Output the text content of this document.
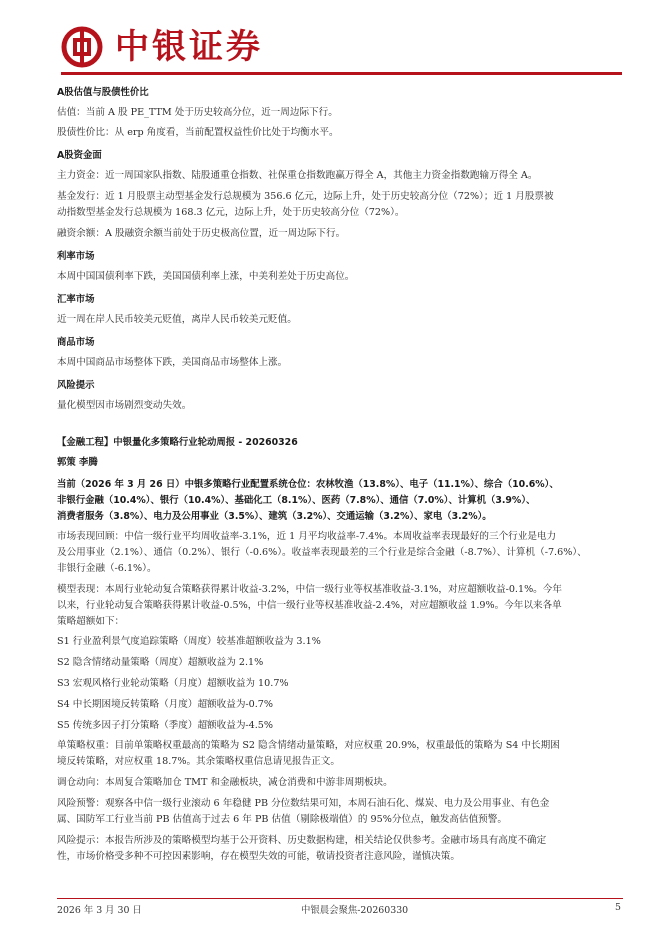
中银证券
A股估值与股债性价比
估值：当前 A 股 PE_TTM 处于历史较高分位，近一周边际下行。
股债性价比：从 erp 角度看，当前配置权益性价比处于均衡水平。
A股资金面
主力资金：近一周国家队指数、陆股通重仓指数、社保重仓指数跑赢万得全 A，其他主力资金指数跑输万得全 A。
基金发行：近 1 月股票主动型基金发行总规模为 356.6 亿元，边际上升，处于历史较高分位（72%）；近 1 月股票被
动指数型基金发行总规模为 168.3 亿元，边际上升，处于历史较高分位（72%）。
融资余额：A 股融资余额当前处于历史极高位置，近一周边际下行。
利率市场
本周中国国债利率下跌，美国国债利率上涨，中美利差处于历史高位。
汇率市场
近一周在岸人民币较美元贬值，离岸人民币较美元贬值。
商品市场
本周中国商品市场整体下跌，美国商品市场整体上涨。
风险提示
量化模型因市场剧烈变动失效。
【金融工程】中银量化多策略行业轮动周报 - 20260326
郭策 李腾
当前（2026 年 3 月 26 日）中银多策略行业配置系统仓位：农林牧渔（13.8%）、电子（11.1%）、综合（10.6%）、
非银行金融（10.4%）、银行（10.4%）、基础化工（8.1%）、医药（7.8%）、通信（7.0%）、计算机（3.9%）、
消费者服务（3.8%）、电力及公用事业（3.5%）、建筑（3.2%）、交通运输（3.2%）、家电（3.2%）。
市场表现回顾：中信一级行业平均周收益率-3.1%，近 1 月平均收益率-7.4%。本周收益率表现最好的三个行业是电力
及公用事业（2.1%）、通信（0.2%）、银行（-0.6%）。收益率表现最差的三个行业是综合金融（-8.7%）、计算机（-7.6%）、
非银行金融（-6.1%）。
模型表现：本周行业轮动复合策略获得累计收益-3.2%，中信一级行业等权基准收益-3.1%，对应超额收益-0.1%。今年
以来，行业轮动复合策略获得累计收益-0.5%，中信一级行业等权基准收益-2.4%，对应超额收益 1.9%。今年以来各单
策略超额如下：
S1 行业盈利景气度追踪策略（周度）较基准超额收益为 3.1%
S2 隐含情绪动量策略（周度）超额收益为 2.1%
S3 宏观风格行业轮动策略（月度）超额收益为 10.7%
S4 中长期困境反转策略（月度）超额收益为-0.7%
S5 传统多因子打分策略（季度）超额收益为-4.5%
单策略权重：目前单策略权重最高的策略为 S2 隐含情绪动量策略，对应权重 20.9%，权重最低的策略为 S4 中长期困
境反转策略，对应权重 18.7%。其余策略权重信息请见报告正文。
调仓动向：本周复合策略加仓 TMT 和金融板块，减仓消费和中游非周期板块。
风险预警：观察各中信一级行业滚动 6 年稳健 PB 分位数结果可知，本周石油石化、煤炭、电力及公用事业、有色金
属、国防军工行业当前 PB 估值高于过去 6 年 PB 估值（剔除极端值）的 95%分位点，触发高估值预警。
风险提示：本报告所涉及的策略模型均基于公开资料、历史数据构建，相关结论仅供参考。金融市场具有高度不确定
性，市场价格受多种不可控因素影响，存在模型失效的可能，敬请投资者注意风险，谨慎决策。
2026 年 3 月 30 日	中银晨会聚焦-20260330	5
